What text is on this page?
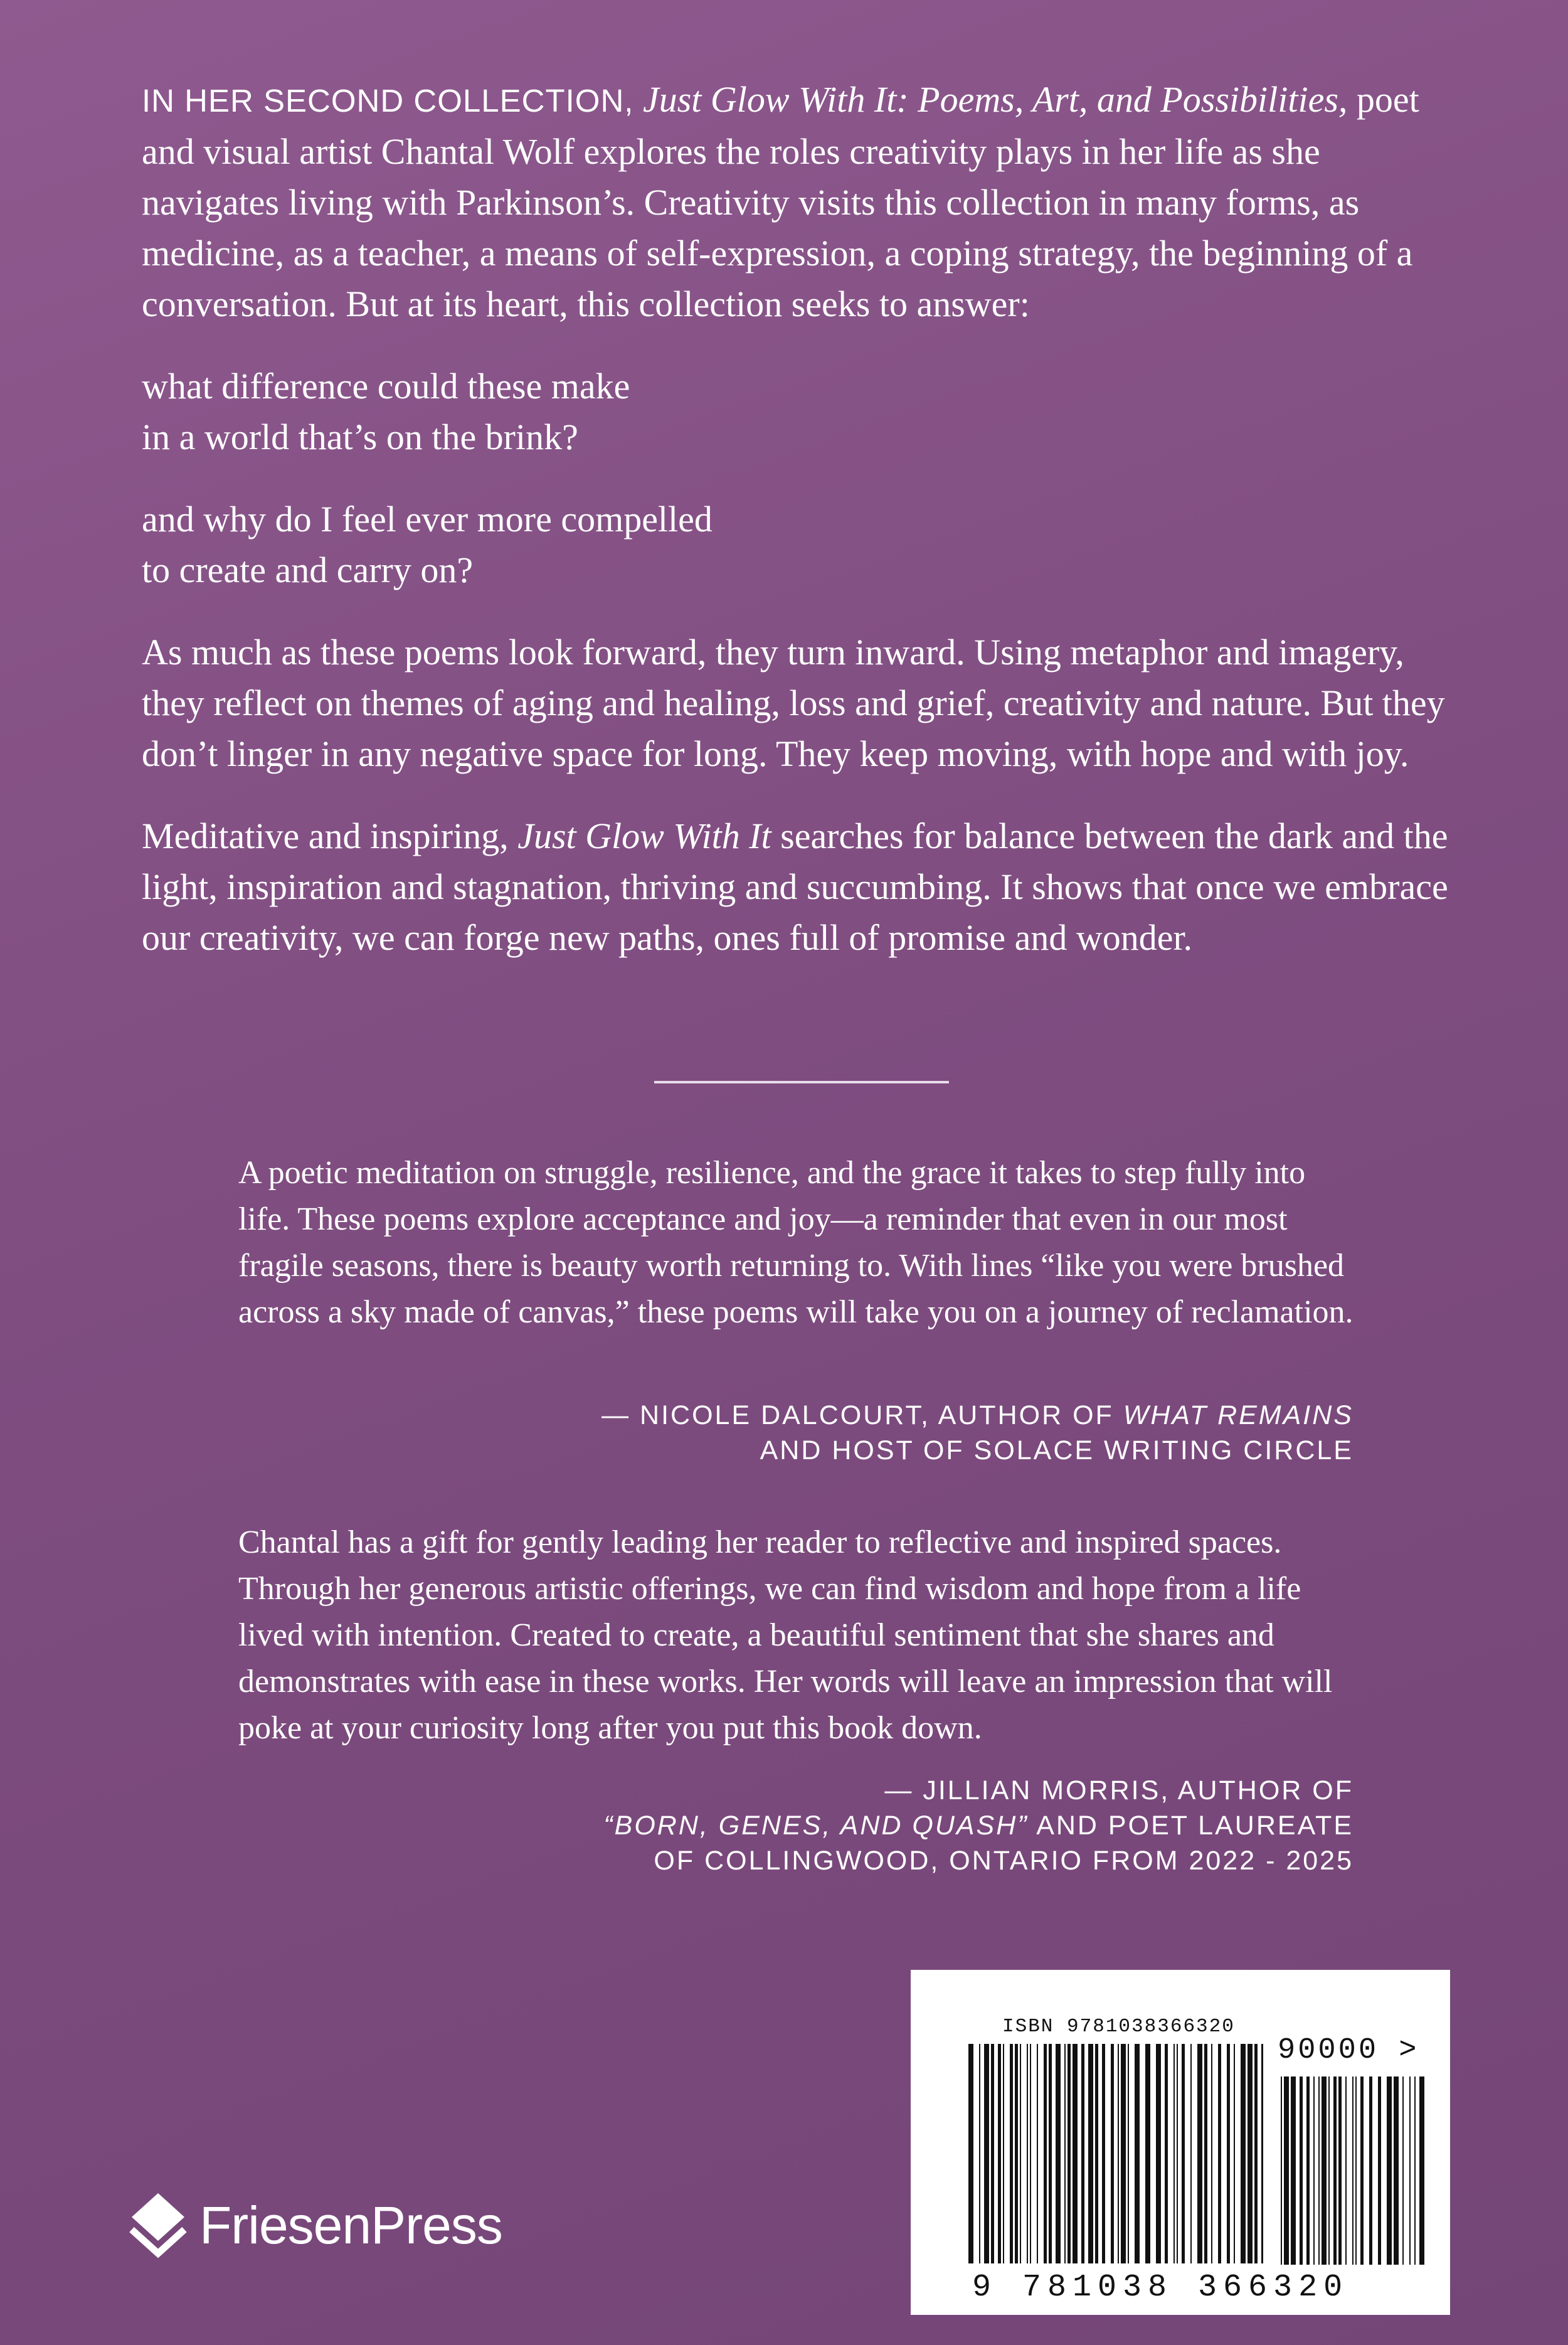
IN HER SECOND COLLECTION, Just Glow With It: Poems, Art, and Possibilities, poet and visual artist Chantal Wolf explores the roles creativity plays in her life as she navigates living with Parkinson’s. Creativity visits this collection in many forms, as medicine, as a teacher, a means of self-expression, a coping strategy, the beginning of a conversation. But at its heart, this collection seeks to answer:

what difference could these make
in a world that’s on the brink?

and why do I feel ever more compelled
to create and carry on?

As much as these poems look forward, they turn inward. Using metaphor and imagery, they reflect on themes of aging and healing, loss and grief, creativity and nature. But they don’t linger in any negative space for long. They keep moving, with hope and with joy.

Meditative and inspiring, Just Glow With It searches for balance between the dark and the light, inspiration and stagnation, thriving and succumbing. It shows that once we embrace our creativity, we can forge new paths, ones full of promise and wonder.

A poetic meditation on struggle, resilience, and the grace it takes to step fully into life. These poems explore acceptance and joy—a reminder that even in our most fragile seasons, there is beauty worth returning to. With lines “like you were brushed across a sky made of canvas,” these poems will take you on a journey of reclamation.

— NICOLE DALCOURT, AUTHOR OF WHAT REMAINS
AND HOST OF SOLACE WRITING CIRCLE

Chantal has a gift for gently leading her reader to reflective and inspired spaces. Through her generous artistic offerings, we can find wisdom and hope from a life lived with intention. Created to create, a beautiful sentiment that she shares and demonstrates with ease in these works. Her words will leave an impression that will poke at your curiosity long after you put this book down.

— JILLIAN MORRIS, AUTHOR OF
“BORN, GENES, AND QUASH” AND POET LAUREATE
OF COLLINGWOOD, ONTARIO FROM 2022 - 2025
FriesenPress
ISBN 9781038366320
90000 >
9 781038 366320
